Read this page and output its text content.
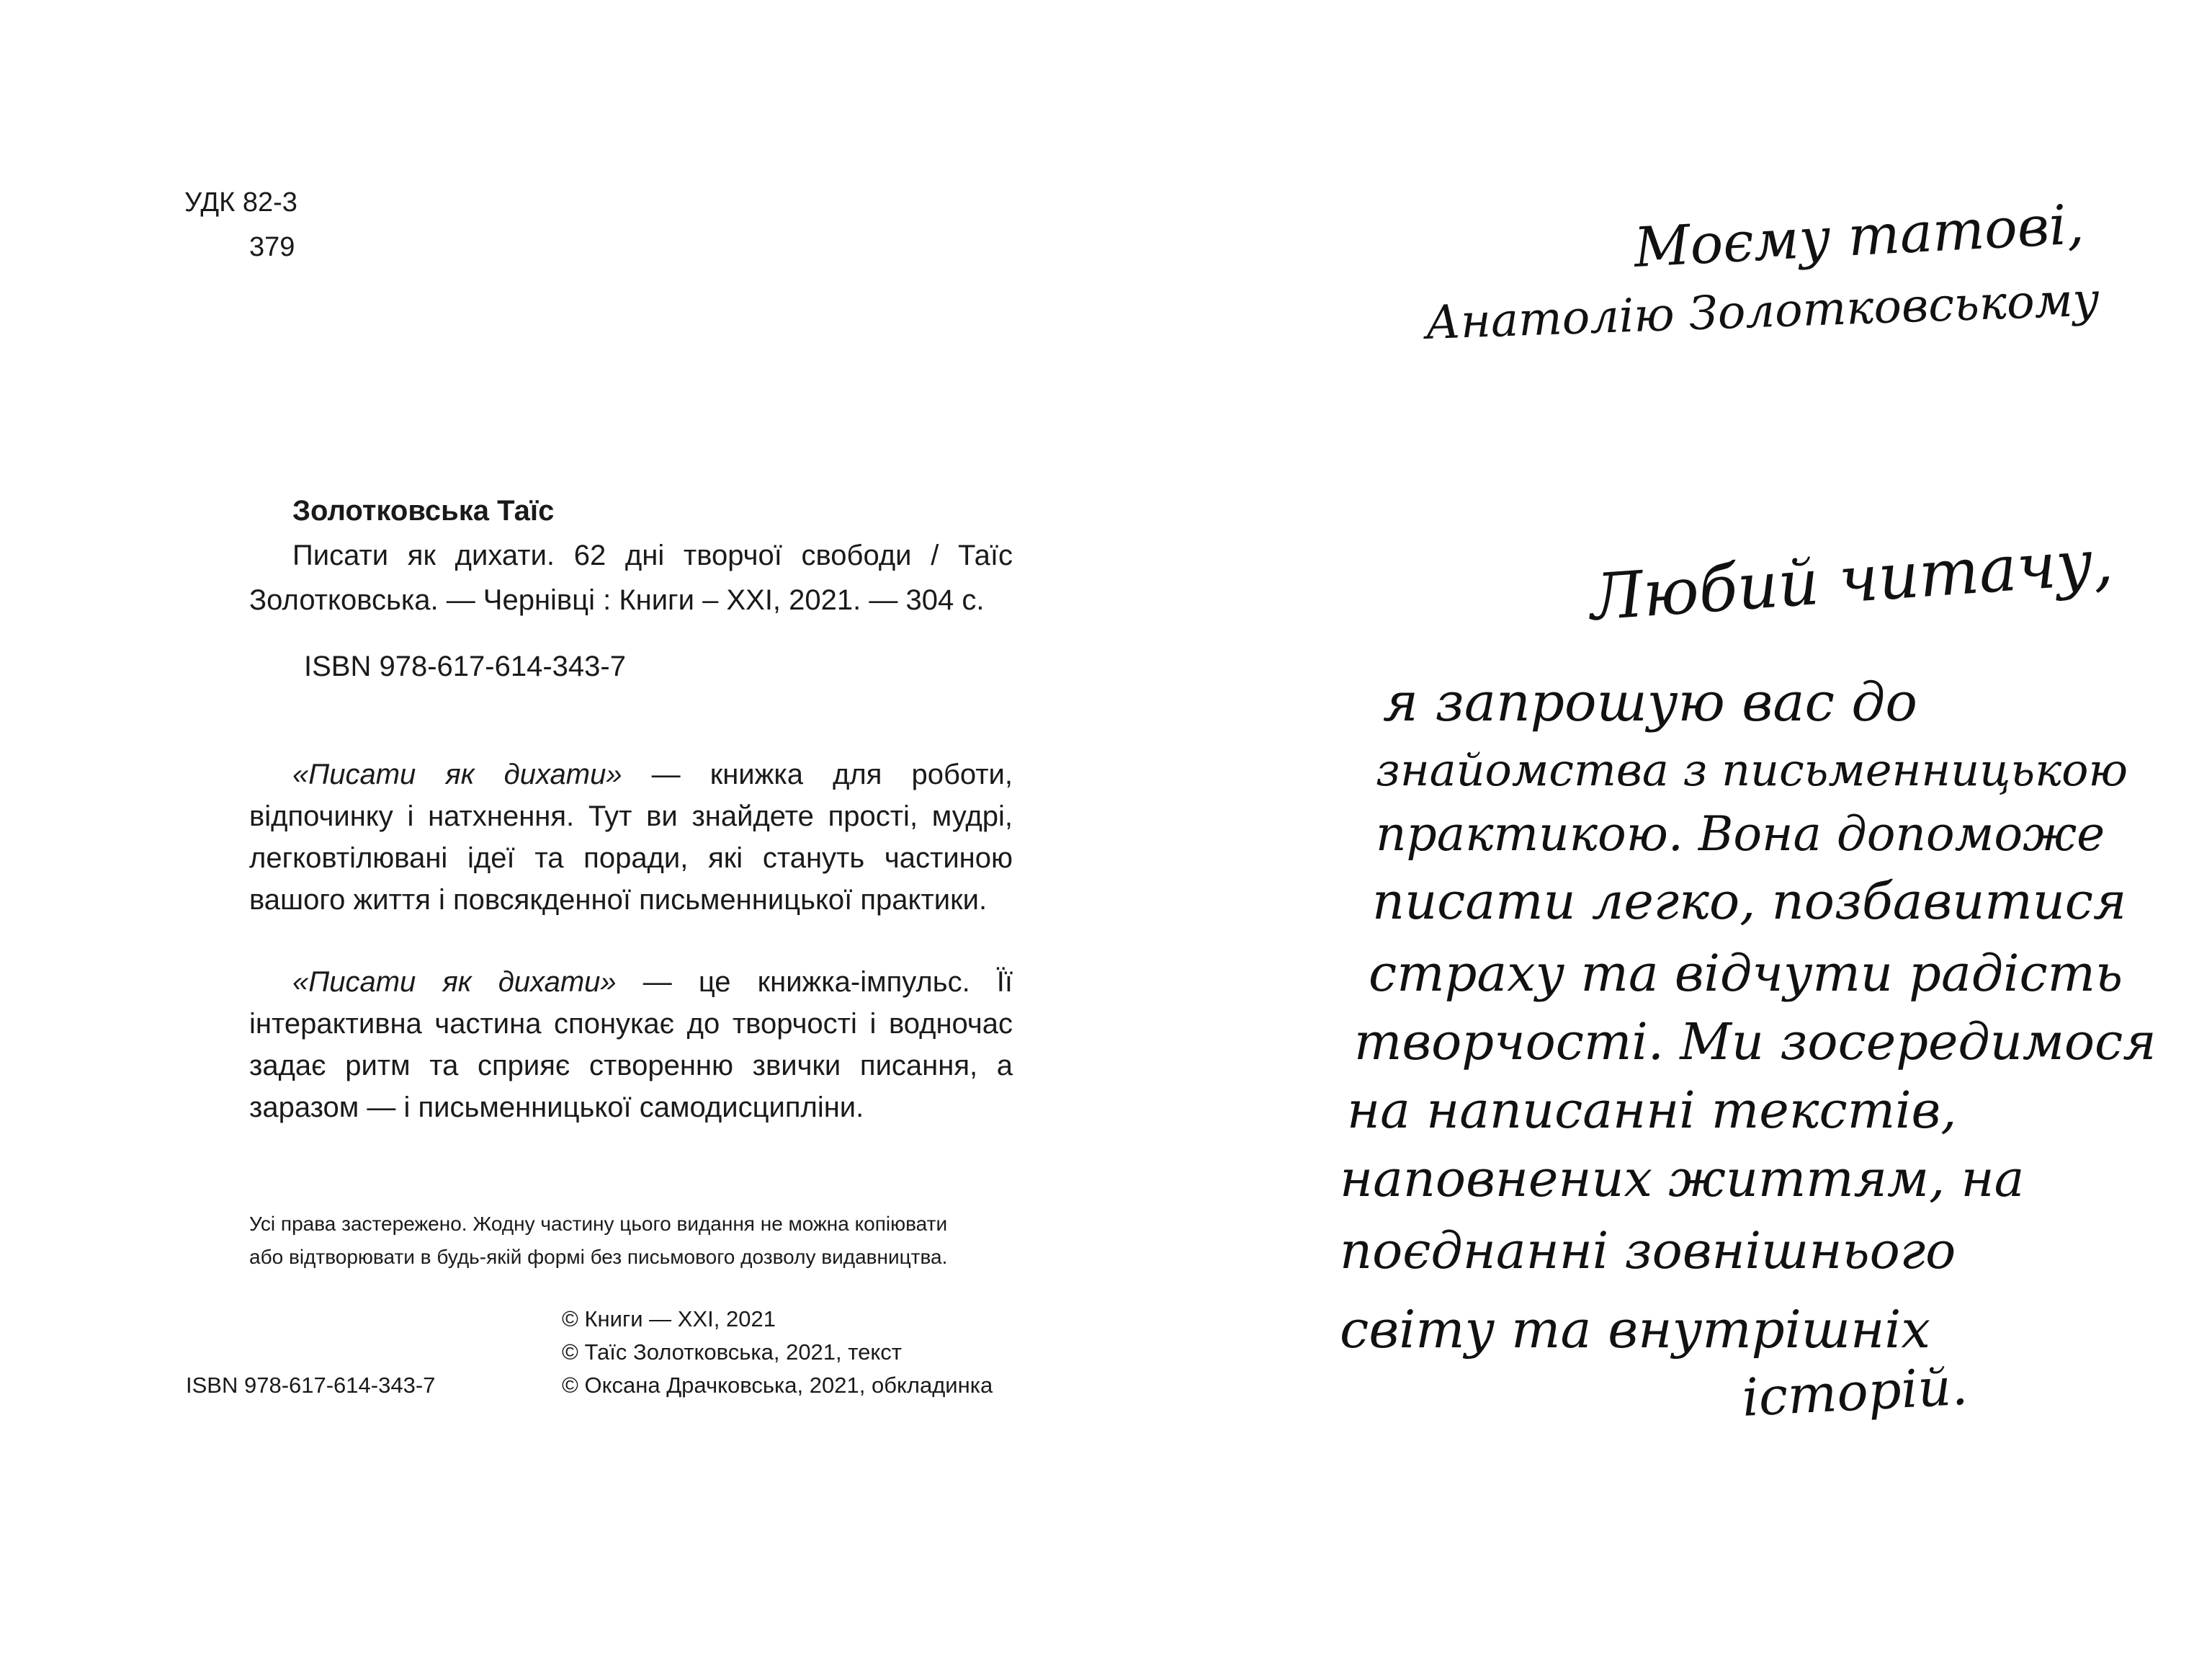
УДК 82-3
379
Золотковська Таїс
Писати як дихати. 62 дні творчої свободи / Таїс Золотковська. — Чернівці : Книги – ХХІ, 2021. — 304 с.
ISBN 978-617-614-343-7

«Писати як дихати» — книжка для роботи, відпочинку і натхнення. Тут ви знайдете прості, мудрі, легковтілювані ідеї та поради, які стануть частиною вашого життя і повсякденної письменницької практики.

«Писати як дихати» — це книжка-імпульс. Її інтерактивна частина спонукає до творчості і водночас задає ритм та сприяє створенню звички писання, а заразом — і письменницької самодисципліни.

Усі права застережено. Жодну частину цього видання не можна копіювати
або відтворювати в будь-якій формі без письмового дозволу видавництва.
ISBN 978-617-614-343-7
© Книги — ХХІ, 2021
© Таїс Золотковська, 2021, текст
© Оксана Драчковська, 2021, обкладинка
Моєму татові,
Анатолію Золотковському
Любий читачу,
я запрошую вас до
знайомства з письменницькою
практикою. Вона допоможе
писати легко, позбавитися
страху та відчути радість
творчості. Ми зосередимося
на написанні текстів,
наповнених життям, на
поєднанні зовнішнього
світу та внутрішніх
історій.
